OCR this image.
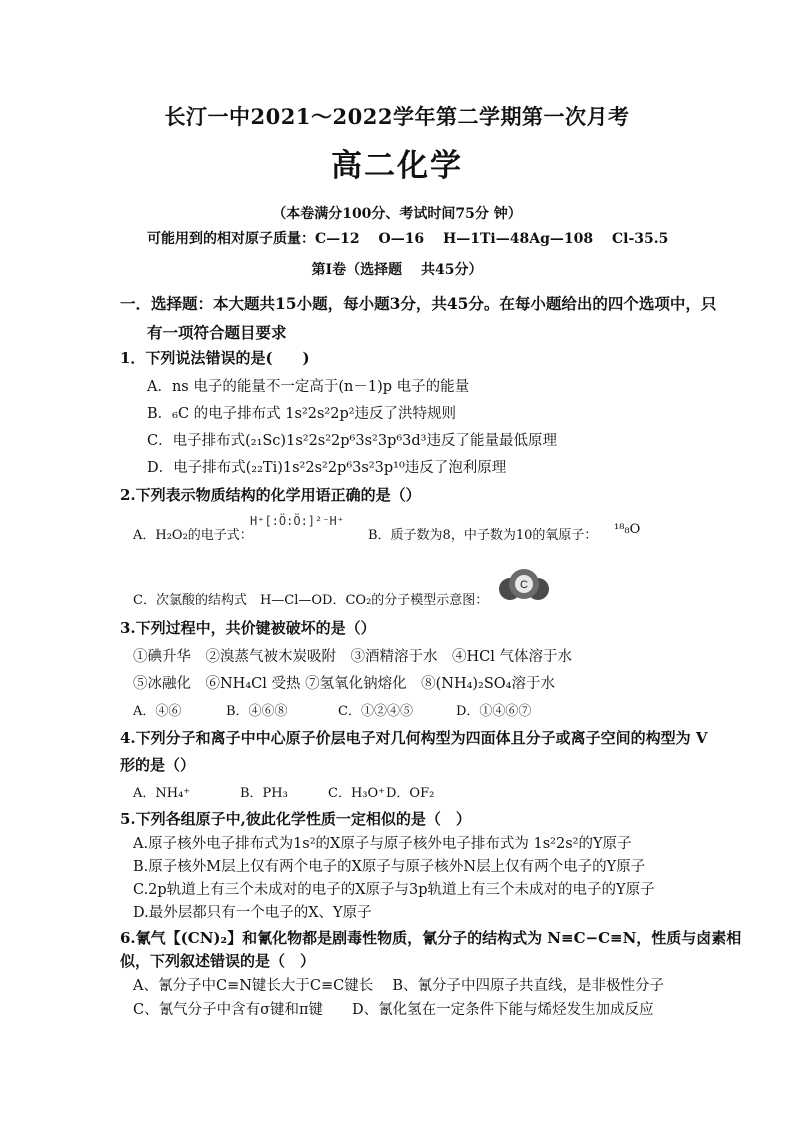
长汀一中2021～2022学年第二学期第一次月考
高二化学
（本卷满分100分、考试时间75分 钟）
可能用到的相对原子质量：C—12　 O—16　 H—1Ti—48Ag—108　 Cl-35.5
第Ⅰ卷（选择题　 共45分）
一．选择题：本大题共15小题，每小题3分，共45分。在每小题给出的四个选项中，只
有一项符合题目要求
1．下列说法错误的是(　　)
A．ns 电子的能量不一定高于(n－1)p 电子的能量
B．₆C 的电子排布式 1s²2s²2p²违反了洪特规则
C．电子排布式(₂₁Sc)1s²2s²2p⁶3s²3p⁶3d³违反了能量最低原理
D．电子排布式(₂₂Ti)1s²2s²2p⁶3s²3p¹⁰违反了泡利原理
2.下列表示物质结构的化学用语正确的是（）
A．H₂O₂的电子式：
H⁺[:Ö:Ö:]²⁻H⁺
B．质子数为8，中子数为10的氧原子： ¹⁸₈O
C．次氯酸的结构式　H—Cl—OD．CO₂的分子模型示意图：
C
3.下列过程中，共价键被破坏的是（）
①碘升华　②溴蒸气被木炭吸附　③酒精溶于水　④HCl 气体溶于水
⑤冰融化　⑥NH₄Cl 受热 ⑦氢氧化钠熔化　⑧(NH₄)₂SO₄溶于水
A．④⑥	B．④⑥⑧	C．①②④⑤	D．①④⑥⑦
4.下列分子和离子中中心原子价层电子对几何构型为四面体且分子或离子空间的构型为 V
形的是（）
A．NH₄⁺	B．PH₃	C．H₃O⁺ D．OF₂
5.下列各组原子中,彼此化学性质一定相似的是（　）
A.原子核外电子排布式为1s²的X原子与原子核外电子排布式为 1s²2s²的Y原子
B.原子核外M层上仅有两个电子的X原子与原子核外N层上仅有两个电子的Y原子
C.2p轨道上有三个未成对的电子的X原子与3p轨道上有三个未成对的电子的Y原子
D.最外层都只有一个电子的X、Y原子
6.氰气【(CN)₂】和氰化物都是剧毒性物质，氰分子的结构式为 N≡C−C≡N，性质与卤素相
似，下列叙述错误的是（　）
A、氰分子中C≡N键长大于C≡C键长　 B、氰分子中四原子共直线，是非极性分子
C、氰气分子中含有σ键和π键　　D、氰化氢在一定条件下能与烯烃发生加成反应
